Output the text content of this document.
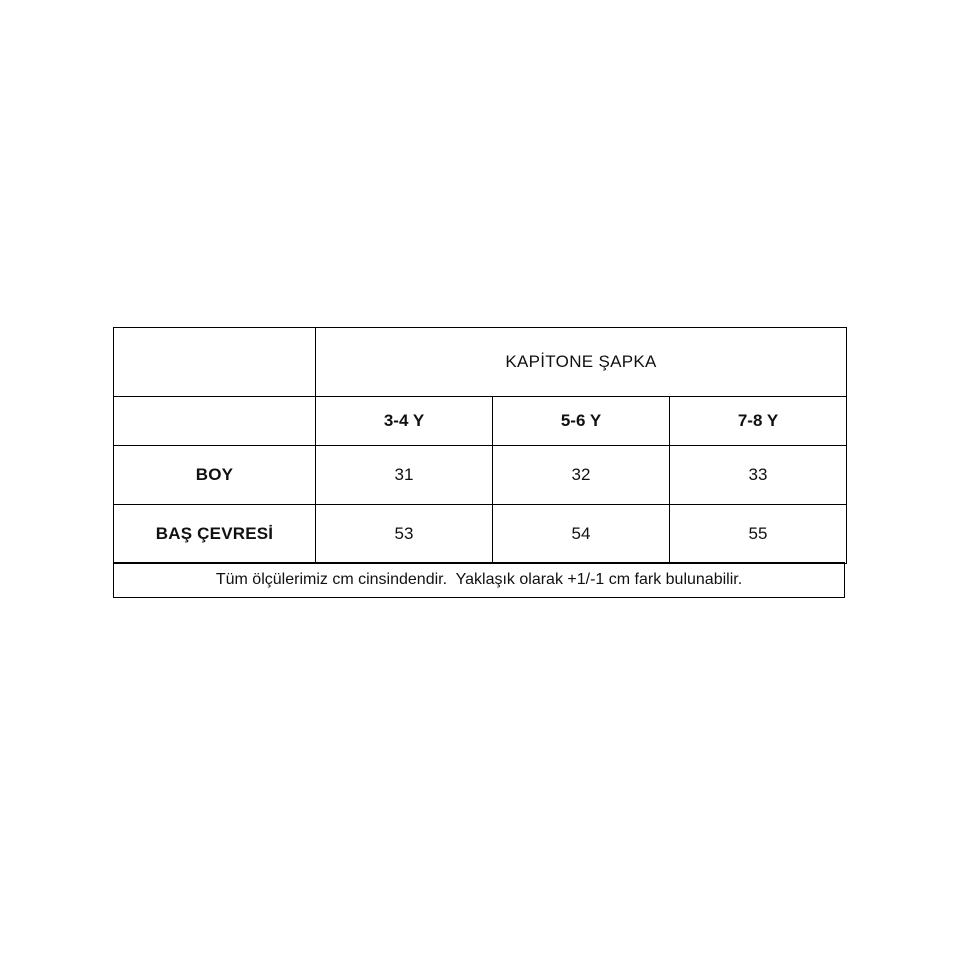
	KAPİTONE ŞAPKA		
	3-4 Y	5-6 Y	7-8 Y
BOY	31	32	33
BAŞ ÇEVRESİ	53	54	55
Tüm ölçülerimiz cm cinsindendir.  Yaklaşık olarak +1/-1 cm fark bulunabilir.
